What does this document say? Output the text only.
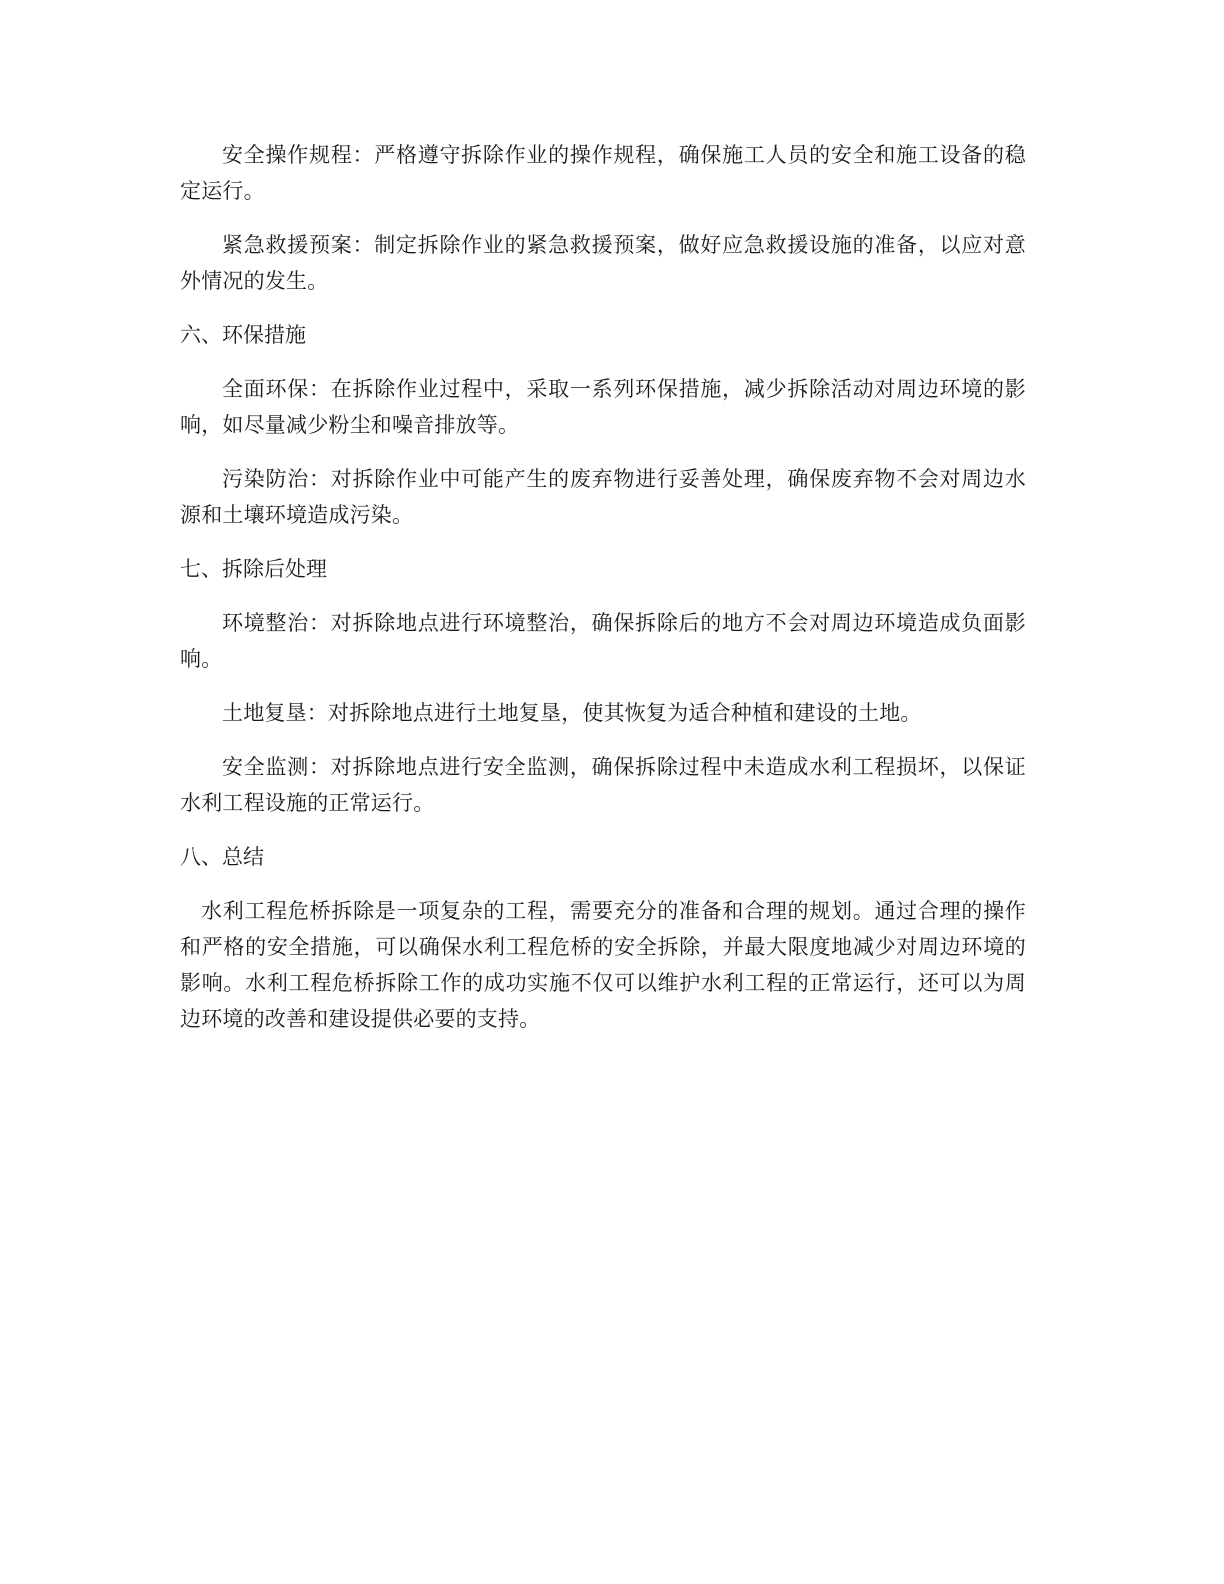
安全操作规程：严格遵守拆除作业的操作规程，确保施工人员的安全和施工设备的稳定运行。

紧急救援预案：制定拆除作业的紧急救援预案，做好应急救援设施的准备，以应对意外情况的发生。

六、环保措施

全面环保：在拆除作业过程中，采取一系列环保措施，减少拆除活动对周边环境的影响，如尽量减少粉尘和噪音排放等。

污染防治：对拆除作业中可能产生的废弃物进行妥善处理，确保废弃物不会对周边水源和土壤环境造成污染。

七、拆除后处理

环境整治：对拆除地点进行环境整治，确保拆除后的地方不会对周边环境造成负面影响。

土地复垦：对拆除地点进行土地复垦，使其恢复为适合种植和建设的土地。

安全监测：对拆除地点进行安全监测，确保拆除过程中未造成水利工程损坏，以保证水利工程设施的正常运行。

八、总结

水利工程危桥拆除是一项复杂的工程，需要充分的准备和合理的规划。通过合理的操作和严格的安全措施，可以确保水利工程危桥的安全拆除，并最大限度地减少对周边环境的影响。水利工程危桥拆除工作的成功实施不仅可以维护水利工程的正常运行，还可以为周边环境的改善和建设提供必要的支持。
